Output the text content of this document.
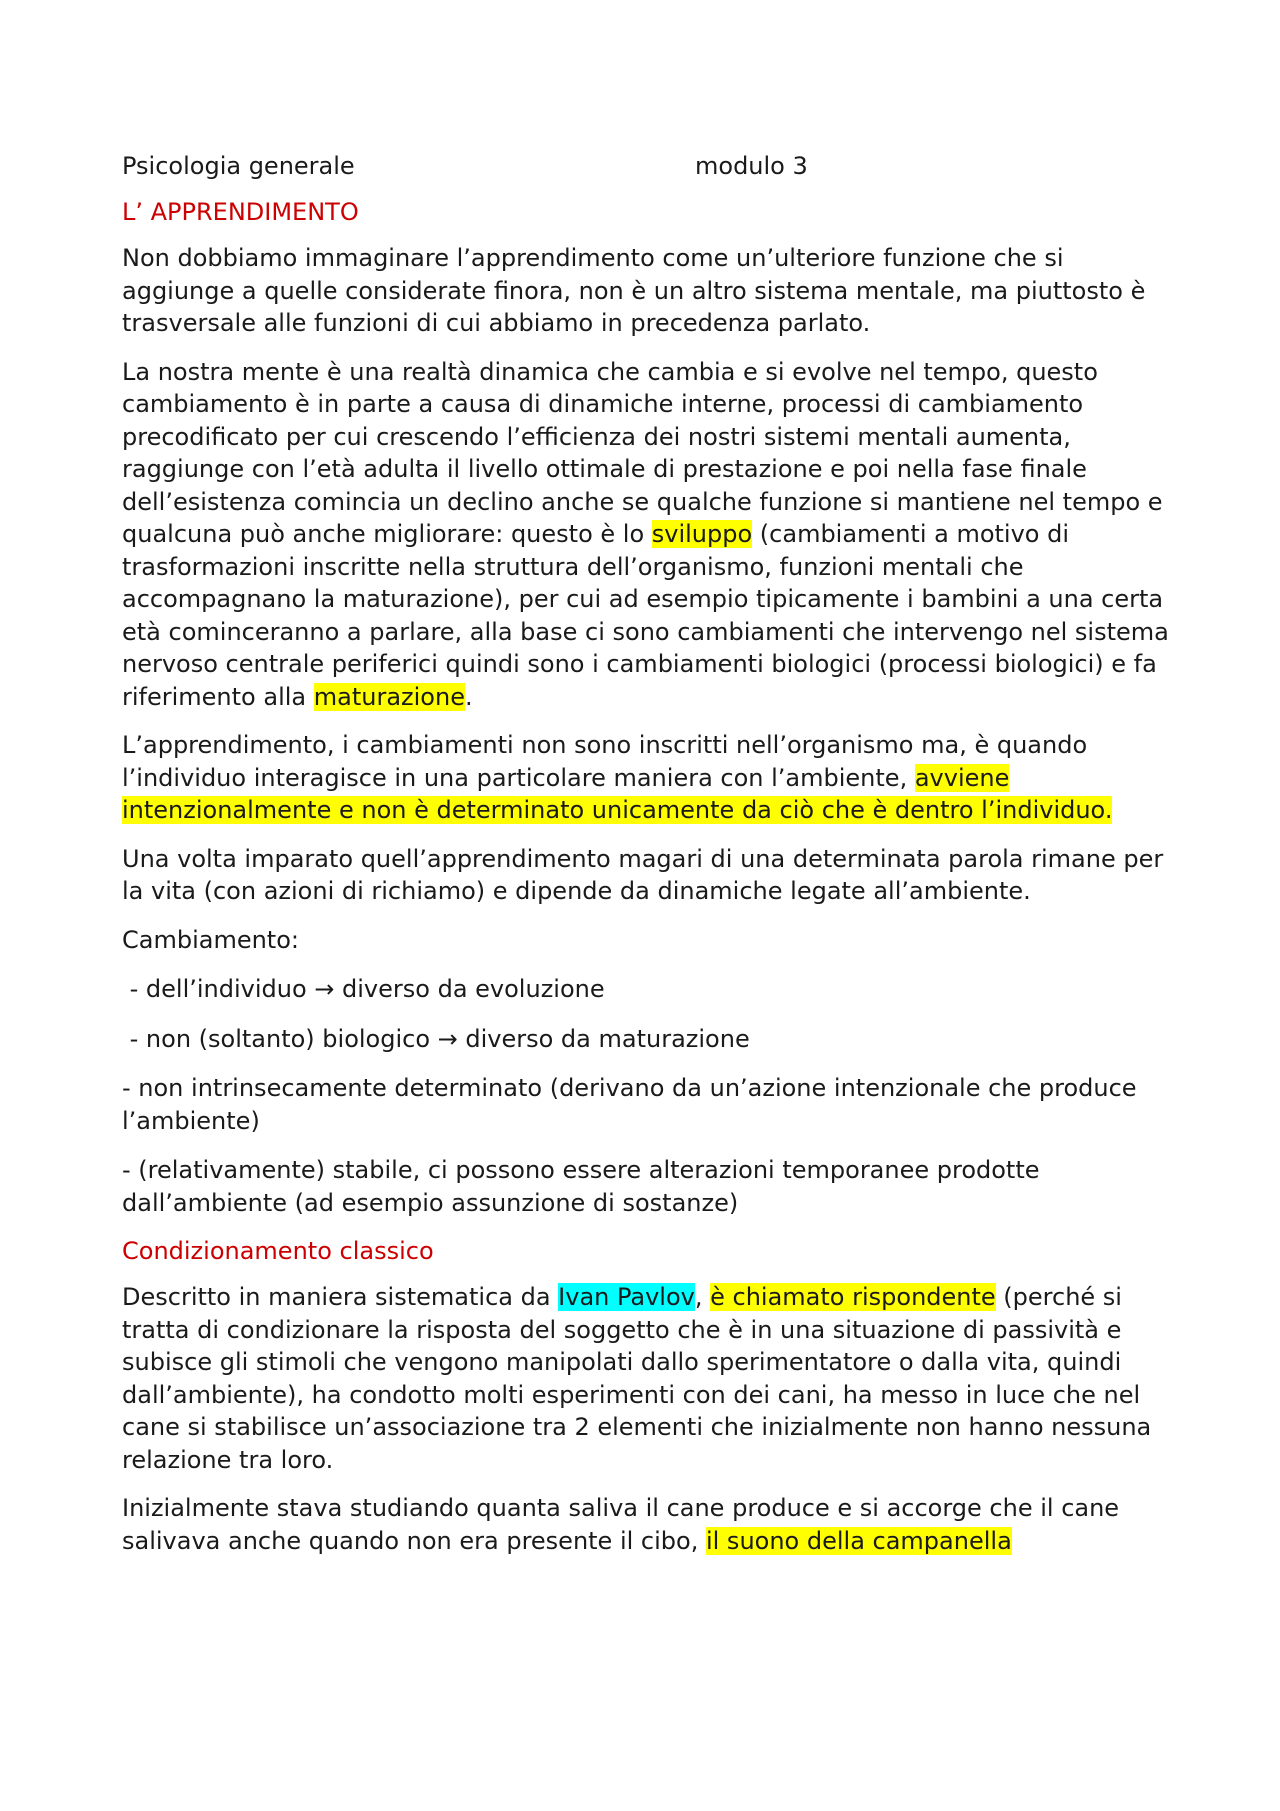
Psicologia generale	modulo 3
L’ APPRENDIMENTO

Non dobbiamo immaginare l’apprendimento come un’ulteriore funzione che si aggiunge a quelle considerate finora, non è un altro sistema mentale, ma piuttosto è trasversale alle funzioni di cui abbiamo in precedenza parlato.

La nostra mente è una realtà dinamica che cambia e si evolve nel tempo, questo cambiamento è in parte a causa di dinamiche interne, processi di cambiamento precodificato per cui crescendo l’efficienza dei nostri sistemi mentali aumenta, raggiunge con l’età adulta il livello ottimale di prestazione e poi nella fase finale dell’esistenza comincia un declino anche se qualche funzione si mantiene nel tempo e qualcuna può anche migliorare: questo è lo sviluppo (cambiamenti a motivo di trasformazioni inscritte nella struttura dell’organismo, funzioni mentali che accompagnano la maturazione), per cui ad esempio tipicamente i bambini a una certa età cominceranno a parlare, alla base ci sono cambiamenti che intervengo nel sistema nervoso centrale periferici quindi sono i cambiamenti biologici (processi biologici) e fa riferimento alla maturazione.

L’apprendimento, i cambiamenti non sono inscritti nell’organismo ma, è quando l’individuo interagisce in una particolare maniera con l’ambiente, avviene intenzionalmente e non è determinato unicamente da ciò che è dentro l’individuo.

Una volta imparato quell’apprendimento magari di una determinata parola rimane per la vita (con azioni di richiamo) e dipende da dinamiche legate all’ambiente.

Cambiamento:

- dell’individuo → diverso da evoluzione

- non (soltanto) biologico → diverso da maturazione

- non intrinsecamente determinato (derivano da un’azione intenzionale che produce l’ambiente)

- (relativamente) stabile, ci possono essere alterazioni temporanee prodotte dall’ambiente (ad esempio assunzione di sostanze)

Condizionamento classico

Descritto in maniera sistematica da Ivan Pavlov, è chiamato rispondente (perché si tratta di condizionare la risposta del soggetto che è in una situazione di passività e subisce gli stimoli che vengono manipolati dallo sperimentatore o dalla vita, quindi dall’ambiente), ha condotto molti esperimenti con dei cani, ha messo in luce che nel cane si stabilisce un’associazione tra 2 elementi che inizialmente non hanno nessuna relazione tra loro.

Inizialmente stava studiando quanta saliva il cane produce e si accorge che il cane salivava anche quando non era presente il cibo, il suono della campanella
